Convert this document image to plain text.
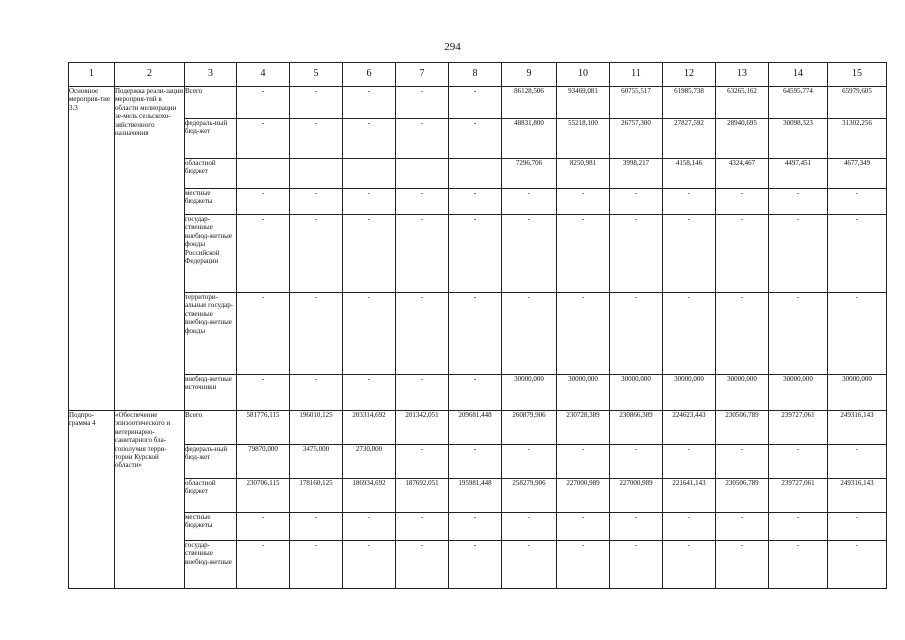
294
1	2	3	4	5	6	7	8	9	10	11	12	13	14	15
Основное мероприя-тие 3.3	Подержка реали-зации мероприя-тий в области мелиорации зе-мель сельскохо-зяйственного назначения	Всего	-	-	-	-	-	86128,506	93469,081	60755,517	61985,738	63265,162	64595,774	65979,605
		федераль-ный бюд-жет	-	-	-	-	-	48831,800	55218,100	26757,300	27827,592	28940,695	30098,323	31302,256
		областной бюджет						7296,706	8250,981	3998,217	4158,146	4324,467	4497,451	4677,349
		местные бюджеты	-	-	-	-	-	-	-	-	-	-	-	-
		государ-ственные внебюд-жетные фонды Российской Федерации	-	-	-	-	-	-	-	-	-	-	-	-
		территори-альные государ-ственные внебюд-жетные фонды	-	-	-	-	-	-	-	-	-	-	-	-
		внебюд-жетные источники	-	-	-	-	-	30000,000	30000,000	30000,000	30000,000	30000,000	30000,000	30000,000
Подпро-грамма 4	«Обеспечение эпизоотического и ветеринарно-санитарного бла-гополучия терри-тории Курской области»	Всего	581776,115	196010,125	203314,692	201342,051	209681,448	260879,906	230728,389	230866,389	224623,443	230506,789	239727,061	249316,143
		федераль-ный бюд-жет	79870,000	3475,000	2730,000	-	-	-	-	-	-	-	-	-
		областной бюджет	230706,115	178160,125	186934,692	187692,051	195981,448	258279,906	227000,989	227000,989	221641,143	230506,789	239727,061	249316,143
		местные бюджеты	-	-	-	-	-	-	-	-	-	-	-	-
		государ-ственные внебюд-жетные	-	-	-	-	-	-	-	-	-	-	-	-
